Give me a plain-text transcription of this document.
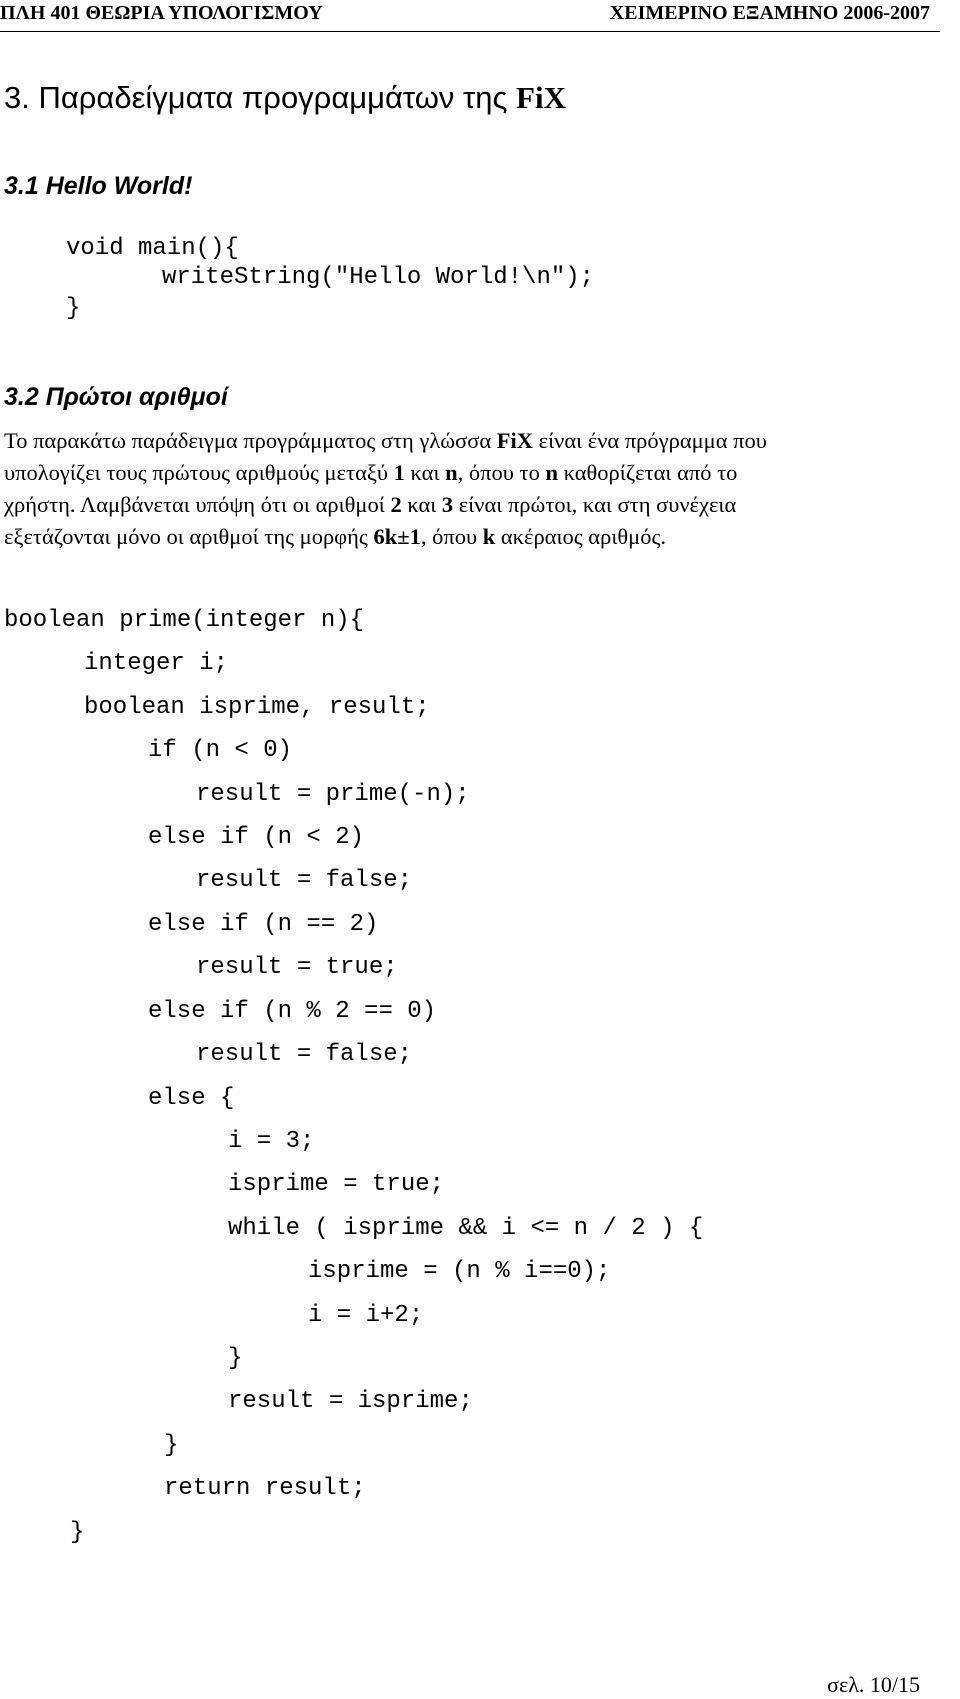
ΠΛΗ 401 ΘΕΩΡΙΑ ΥΠΟΛΟΓΙΣΜΟΥ	ΧΕΙΜΕΡΙΝΟ ΕΞΑΜΗΝΟ 2006-2007
3. Παραδείγματα προγραμμάτων της FiX
3.1 Hello World!
void main(){
writeString("Hello World!\n");
}
3.2 Πρώτοι αριθμοί
Το παρακάτω παράδειγμα προγράμματος στη γλώσσα FiX είναι ένα πρόγραμμα που
υπολογίζει τους πρώτους αριθμούς μεταξύ 1 και n, όπου το n καθορίζεται από το
χρήστη. Λαμβάνεται υπόψη ότι οι αριθμοί 2 και 3 είναι πρώτοι, και στη συνέχεια
εξετάζονται μόνο οι αριθμοί της μορφής 6k±1, όπου k ακέραιος αριθμός.
boolean prime(integer n){
integer i;
boolean isprime, result;
if (n < 0)
result = prime(-n);
else if (n < 2)
result = false;
else if (n == 2)
result = true;
else if (n % 2 == 0)
result = false;
else {
i = 3;
isprime = true;
while ( isprime && i <= n / 2 ) {
isprime = (n % i==0);
i = i+2;
}
result = isprime;
}
return result;
}
σελ. 10/15
